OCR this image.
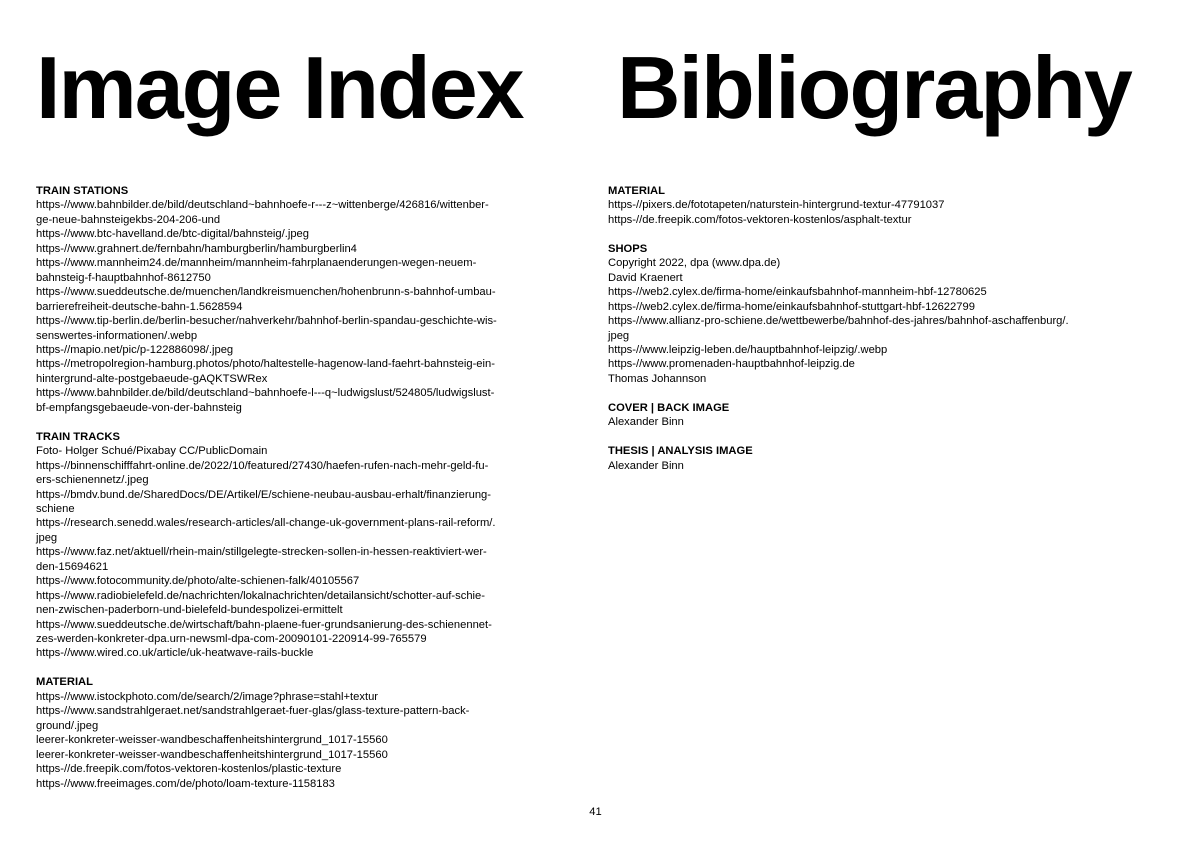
Image Index Bibliography
TRAIN STATIONS
https-//www.bahnbilder.de/bild/deutschland~bahnhoefe-r---z~wittenberge/426816/wittenber-
ge-neue-bahnsteigekbs-204-206-und
https-//www.btc-havelland.de/btc-digital/bahnsteig/.jpeg
https-//www.grahnert.de/fernbahn/hamburgberlin/hamburgberlin4
https-//www.mannheim24.de/mannheim/mannheim-fahrplanaenderungen-wegen-neuem-
bahnsteig-f-hauptbahnhof-8612750
https-//www.sueddeutsche.de/muenchen/landkreismuenchen/hohenbrunn-s-bahnhof-umbau-
barrierefreiheit-deutsche-bahn-1.5628594
https-//www.tip-berlin.de/berlin-besucher/nahverkehr/bahnhof-berlin-spandau-geschichte-wis-
senswertes-informationen/.webp
https-//mapio.net/pic/p-122886098/.jpeg
https-//metropolregion-hamburg.photos/photo/haltestelle-hagenow-land-faehrt-bahnsteig-ein-
hintergrund-alte-postgebaeude-gAQKTSWRex
https-//www.bahnbilder.de/bild/deutschland~bahnhoefe-l---q~ludwigslust/524805/ludwigslust-
bf-empfangsgebaeude-von-der-bahnsteig
TRAIN TRACKS
Foto- Holger Schué/Pixabay CC/PublicDomain
https-//binnenschifffahrt-online.de/2022/10/featured/27430/haefen-rufen-nach-mehr-geld-fu-
ers-schienennetz/.jpeg
https-//bmdv.bund.de/SharedDocs/DE/Artikel/E/schiene-neubau-ausbau-erhalt/finanzierung-
schiene
https-//research.senedd.wales/research-articles/all-change-uk-government-plans-rail-reform/.
jpeg
https-//www.faz.net/aktuell/rhein-main/stillgelegte-strecken-sollen-in-hessen-reaktiviert-wer-
den-15694621
https-//www.fotocommunity.de/photo/alte-schienen-falk/40105567
https-//www.radiobielefeld.de/nachrichten/lokalnachrichten/detailansicht/schotter-auf-schie-
nen-zwischen-paderborn-und-bielefeld-bundespolizei-ermittelt
https-//www.sueddeutsche.de/wirtschaft/bahn-plaene-fuer-grundsanierung-des-schienennet-
zes-werden-konkreter-dpa.urn-newsml-dpa-com-20090101-220914-99-765579
https-//www.wired.co.uk/article/uk-heatwave-rails-buckle
MATERIAL
https-//www.istockphoto.com/de/search/2/image?phrase=stahl+textur
https-//www.sandstrahlgeraet.net/sandstrahlgeraet-fuer-glas/glass-texture-pattern-back-
ground/.jpeg
leerer-konkreter-weisser-wandbeschaffenheitshintergrund_1017-15560
leerer-konkreter-weisser-wandbeschaffenheitshintergrund_1017-15560
https-//de.freepik.com/fotos-vektoren-kostenlos/plastic-texture
https-//www.freeimages.com/de/photo/loam-texture-1158183
MATERIAL
https-//pixers.de/fototapeten/naturstein-hintergrund-textur-47791037
https-//de.freepik.com/fotos-vektoren-kostenlos/asphalt-textur
SHOPS
Copyright 2022, dpa (www.dpa.de)
David Kraenert
https-//web2.cylex.de/firma-home/einkaufsbahnhof-mannheim-hbf-12780625
https-//web2.cylex.de/firma-home/einkaufsbahnhof-stuttgart-hbf-12622799
https-//www.allianz-pro-schiene.de/wettbewerbe/bahnhof-des-jahres/bahnhof-aschaffenburg/.
jpeg
https-//www.leipzig-leben.de/hauptbahnhof-leipzig/.webp
https-//www.promenaden-hauptbahnhof-leipzig.de
Thomas Johannson
COVER | BACK IMAGE
Alexander Binn
THESIS | ANALYSIS IMAGE
Alexander Binn
41
